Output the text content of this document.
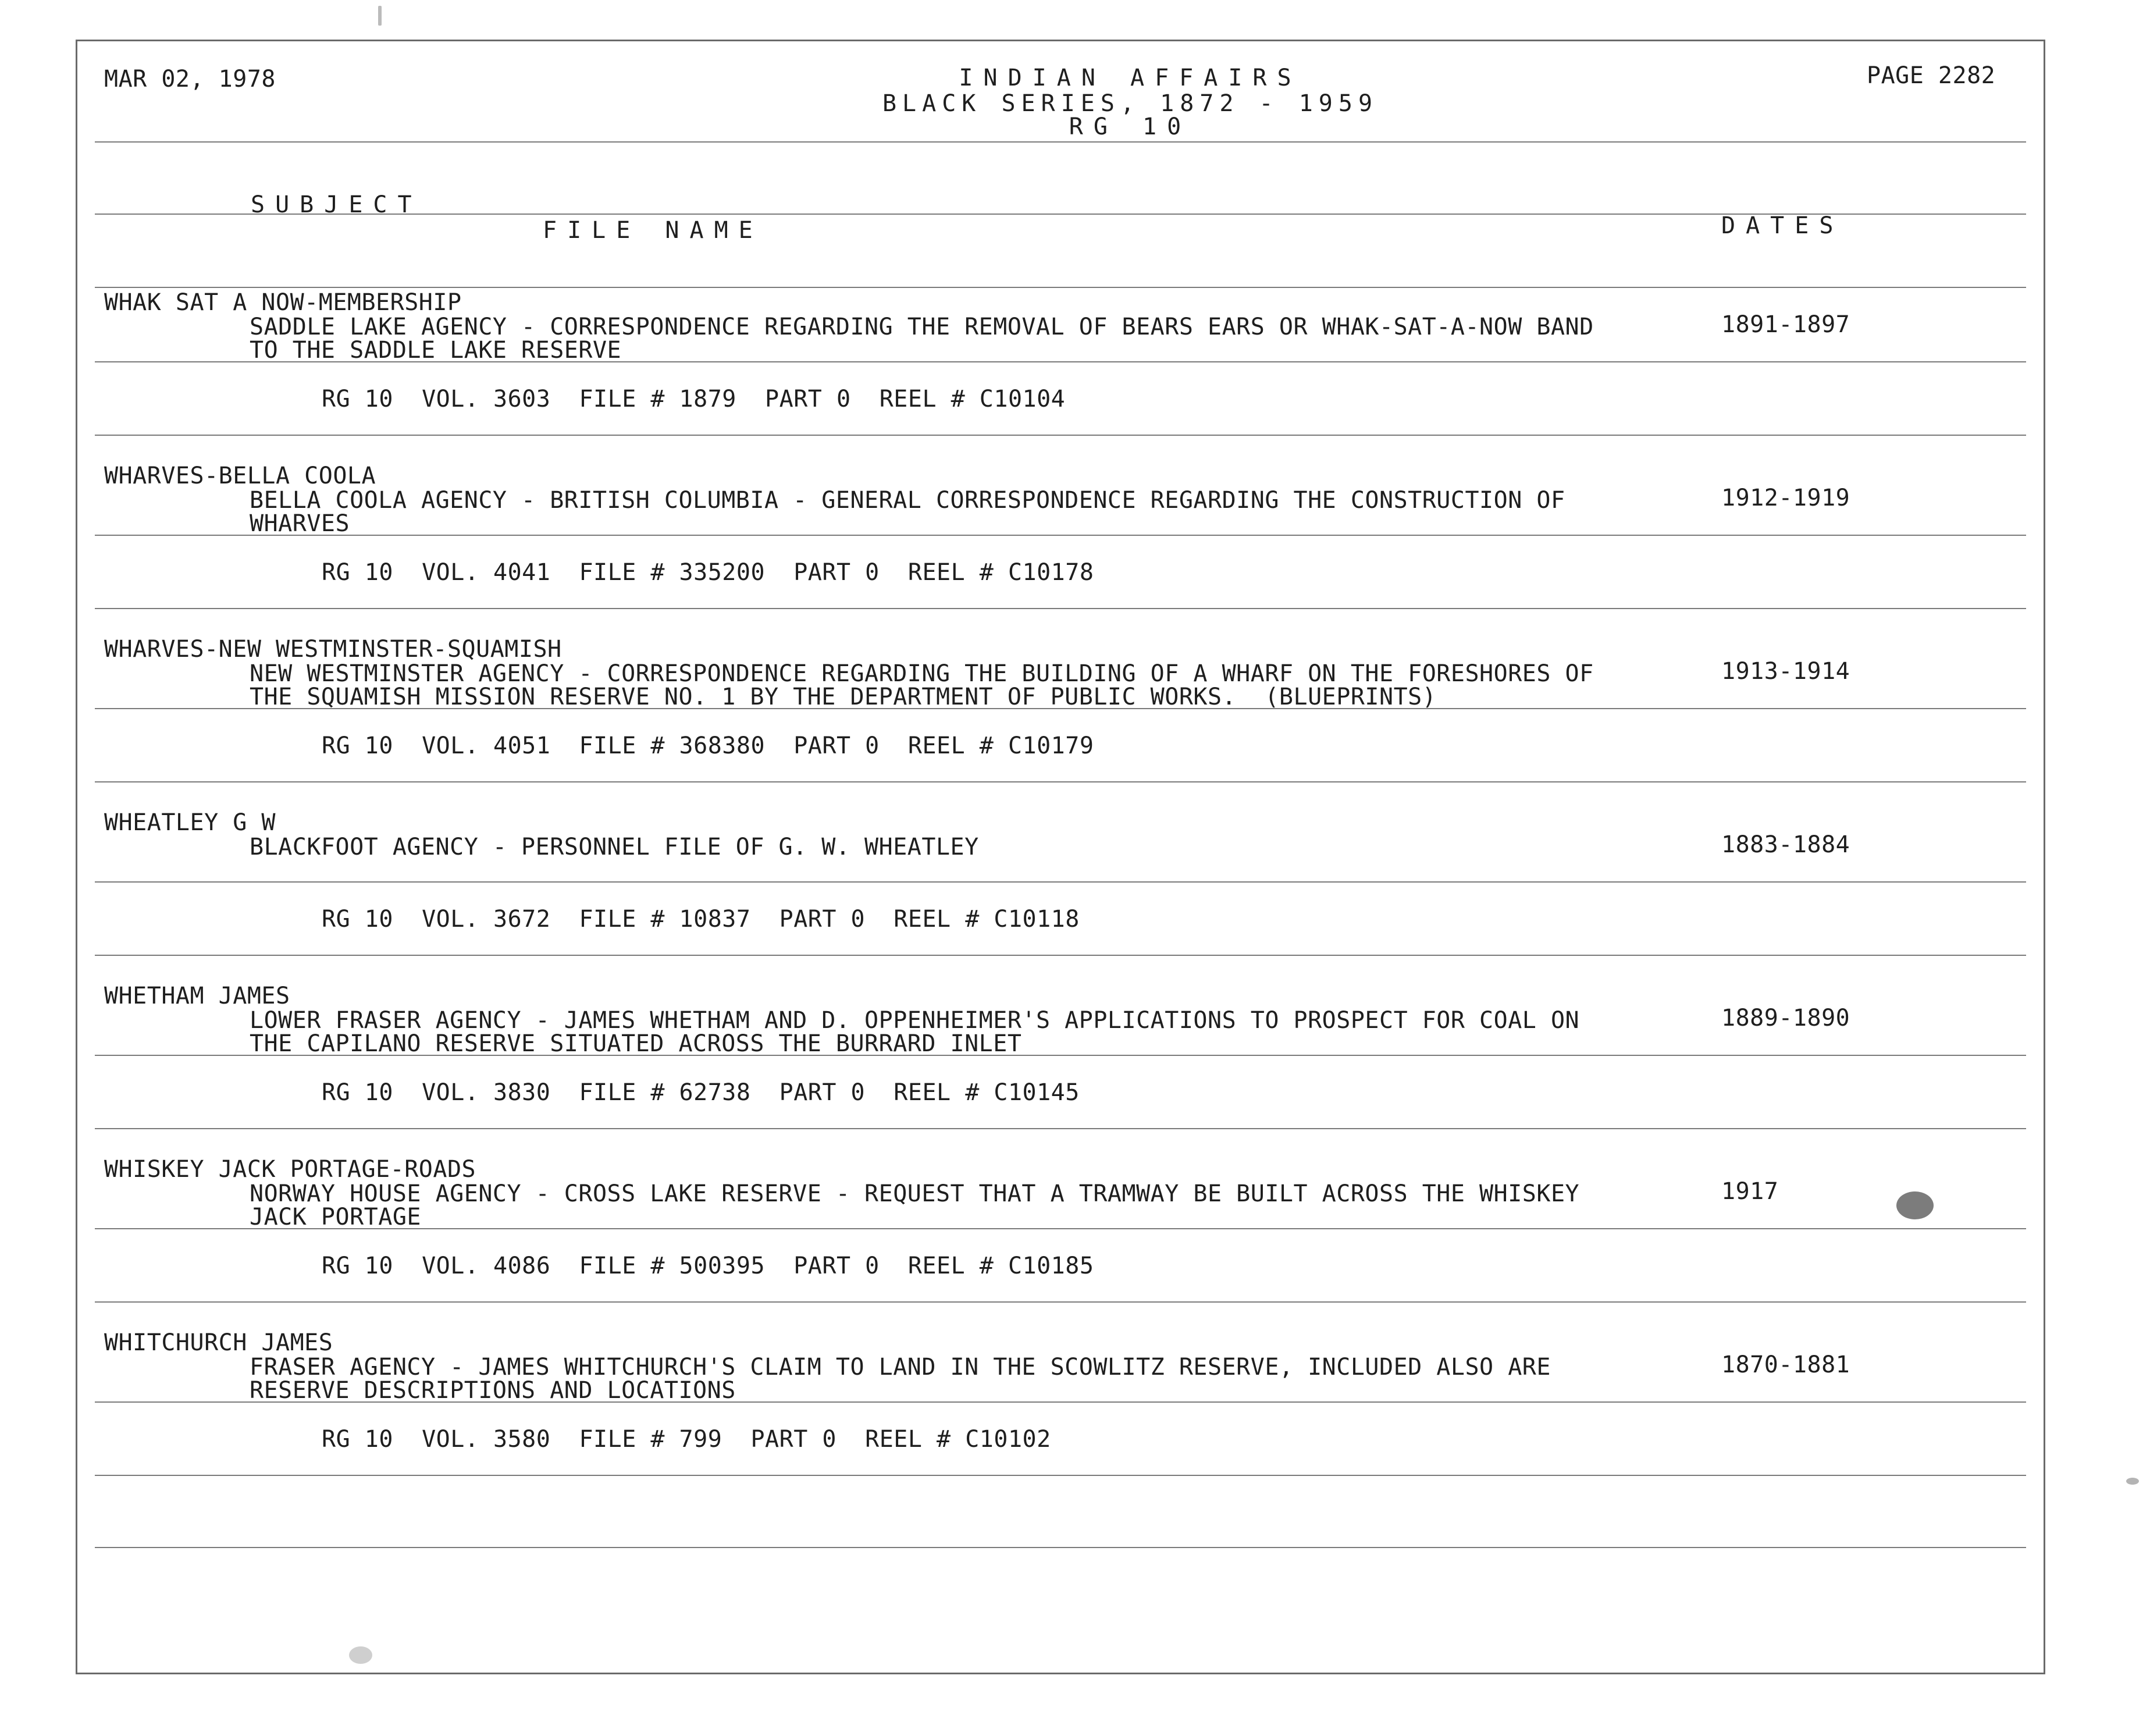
MAR 02, 1978	INDIAN AFFAIRS
BLACK SERIES, 1872 - 1959
RG 10
PAGE 2282
SUBJECT
FILE NAME	DATES
WHAK SAT A NOW-MEMBERSHIP
SADDLE LAKE AGENCY - CORRESPONDENCE REGARDING THE REMOVAL OF BEARS EARS OR WHAK-SAT-A-NOW BAND	1891-1897
TO THE SADDLE LAKE RESERVE
RG 10  VOL. 3603  FILE # 1879  PART 0  REEL # C10104
WHARVES-BELLA COOLA
BELLA COOLA AGENCY - BRITISH COLUMBIA - GENERAL CORRESPONDENCE REGARDING THE CONSTRUCTION OF	1912-1919
WHARVES
RG 10  VOL. 4041  FILE # 335200  PART 0  REEL # C10178
WHARVES-NEW WESTMINSTER-SQUAMISH
NEW WESTMINSTER AGENCY - CORRESPONDENCE REGARDING THE BUILDING OF A WHARF ON THE FORESHORES OF	1913-1914
THE SQUAMISH MISSION RESERVE NO. 1 BY THE DEPARTMENT OF PUBLIC WORKS.  (BLUEPRINTS)
RG 10  VOL. 4051  FILE # 368380  PART 0  REEL # C10179
WHEATLEY G W
BLACKFOOT AGENCY - PERSONNEL FILE OF G. W. WHEATLEY	1883-1884
RG 10  VOL. 3672  FILE # 10837  PART 0  REEL # C10118
WHETHAM JAMES
LOWER FRASER AGENCY - JAMES WHETHAM AND D. OPPENHEIMER'S APPLICATIONS TO PROSPECT FOR COAL ON	1889-1890
THE CAPILANO RESERVE SITUATED ACROSS THE BURRARD INLET
RG 10  VOL. 3830  FILE # 62738  PART 0  REEL # C10145
WHISKEY JACK PORTAGE-ROADS
NORWAY HOUSE AGENCY - CROSS LAKE RESERVE - REQUEST THAT A TRAMWAY BE BUILT ACROSS THE WHISKEY	1917
JACK PORTAGE
RG 10  VOL. 4086  FILE # 500395  PART 0  REEL # C10185
WHITCHURCH JAMES
FRASER AGENCY - JAMES WHITCHURCH'S CLAIM TO LAND IN THE SCOWLITZ RESERVE, INCLUDED ALSO ARE	1870-1881
RESERVE DESCRIPTIONS AND LOCATIONS
RG 10  VOL. 3580  FILE # 799  PART 0  REEL # C10102
